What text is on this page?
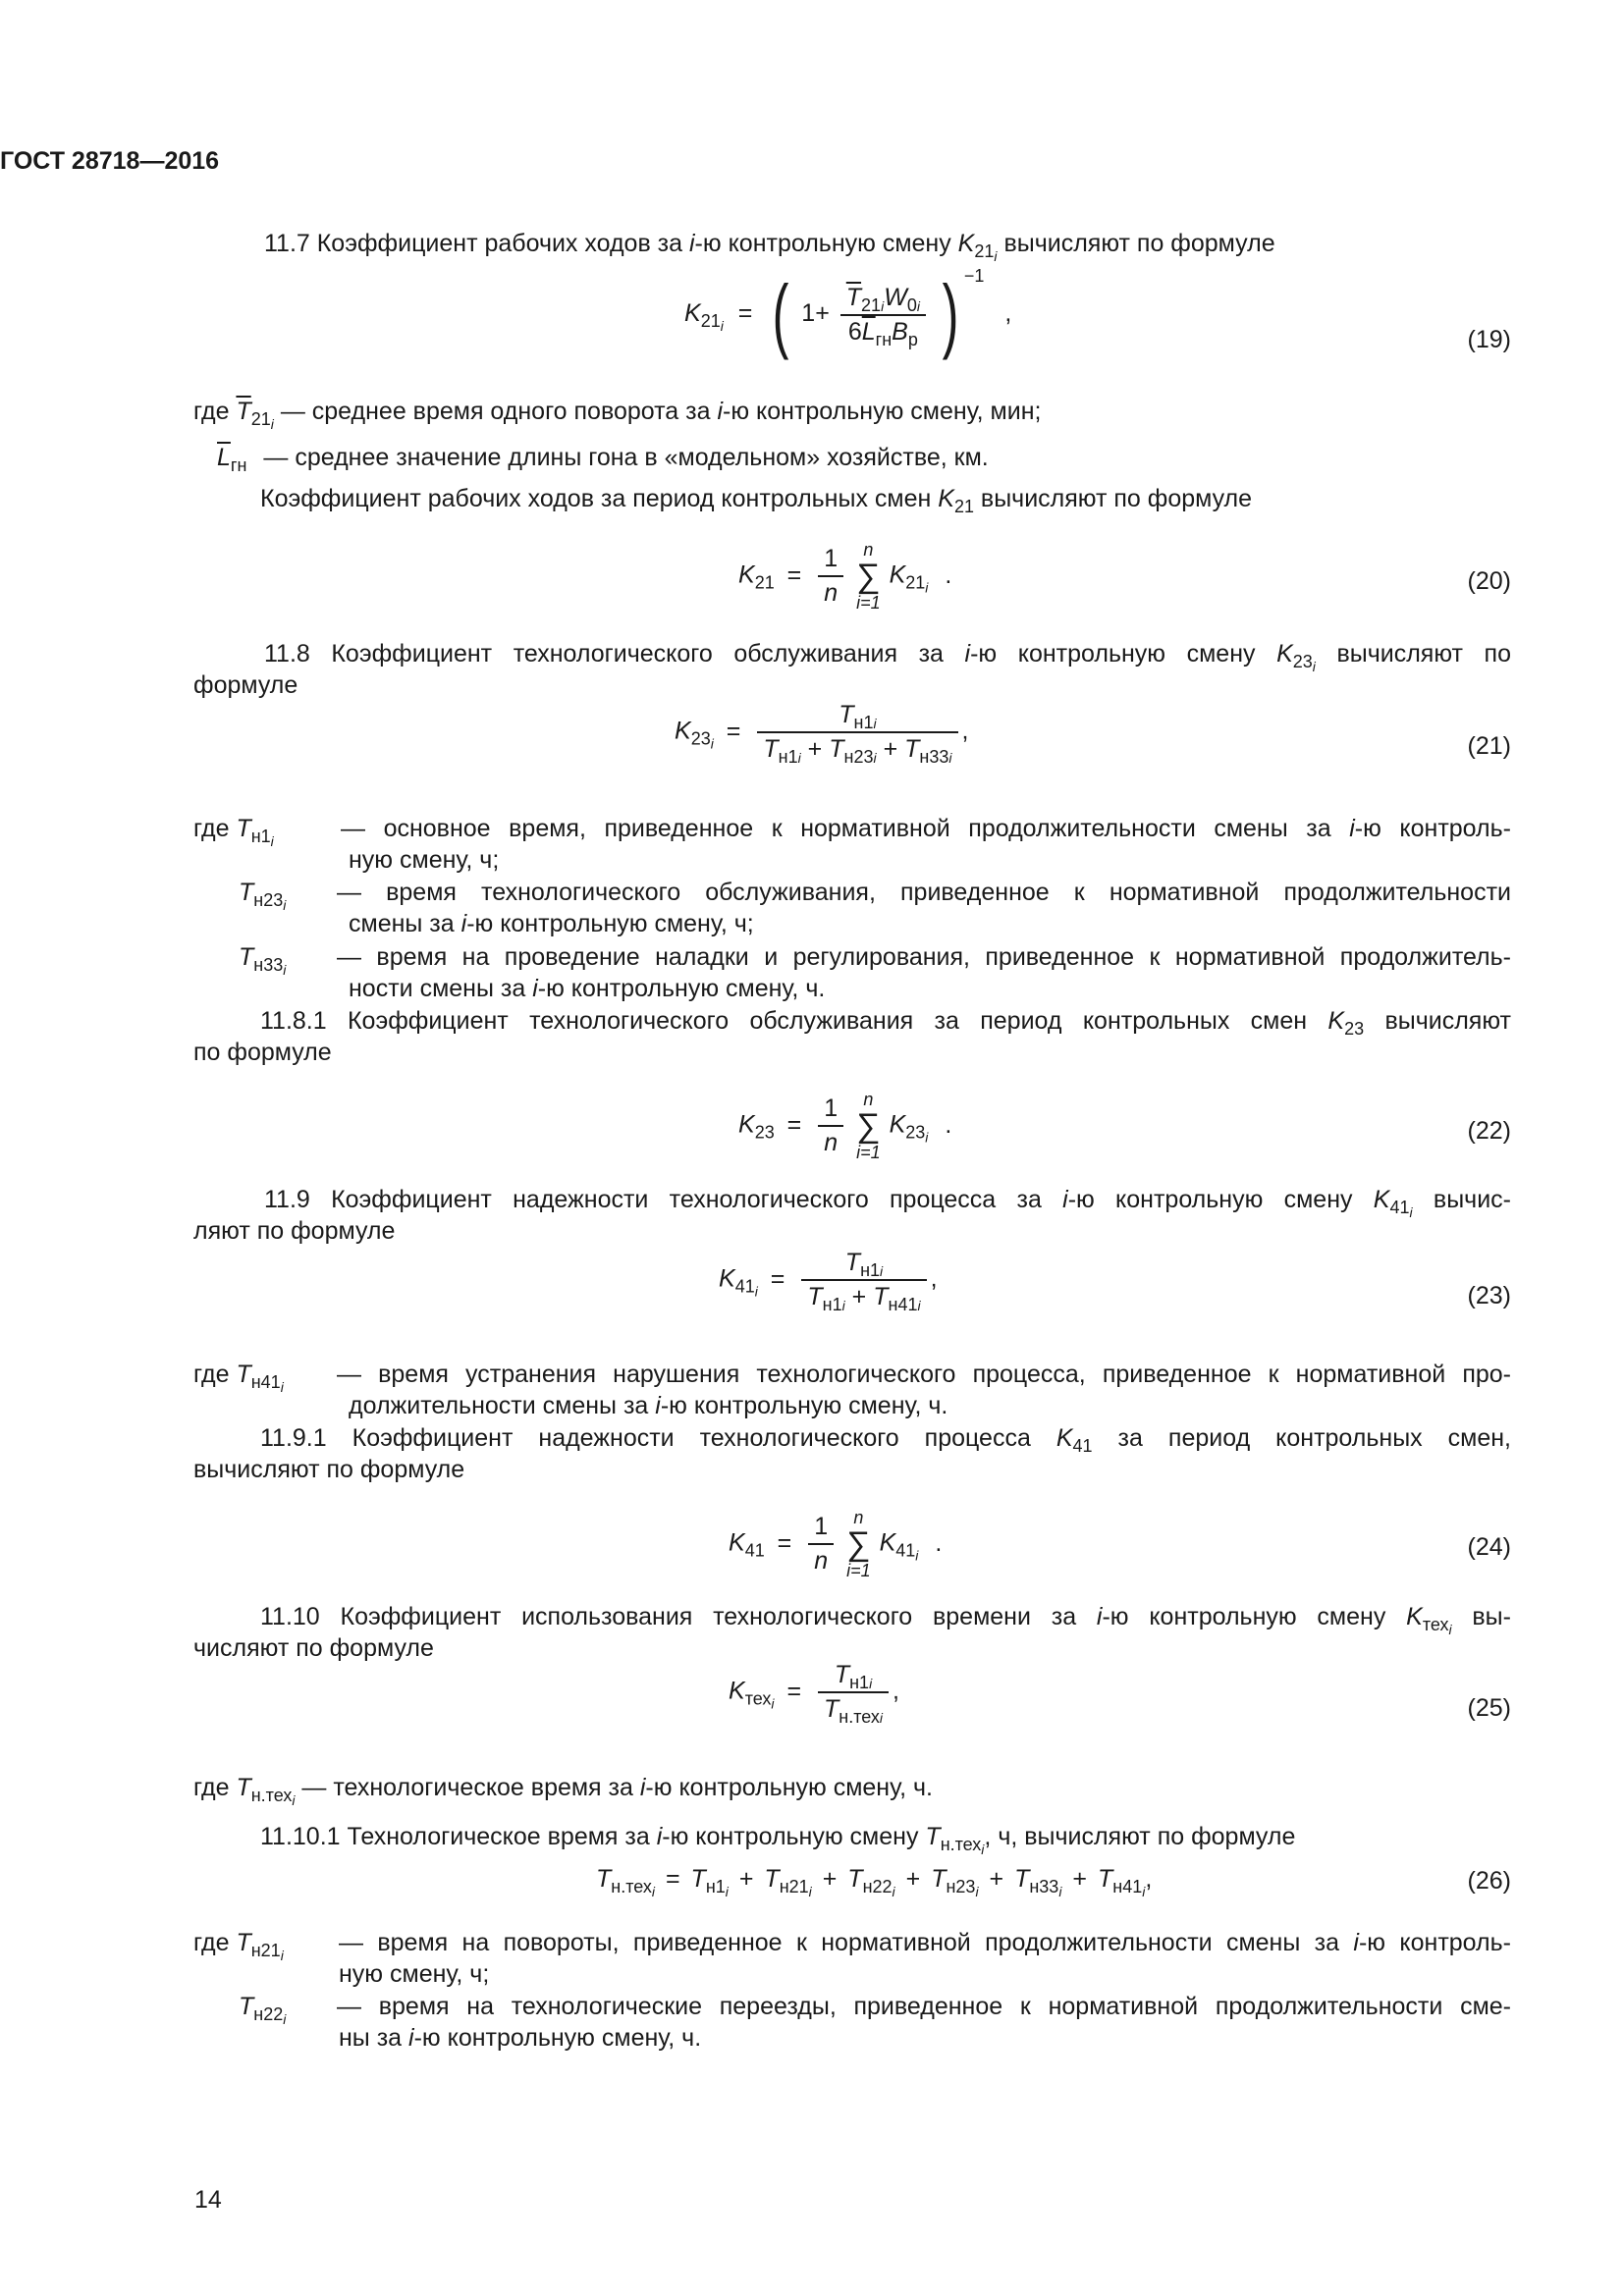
ГОСТ 28718—2016
11.7 Коэффициент рабочих ходов за i-ю контрольную смену $K_{21i}$ вычисляют по формуле
$K_{21i}$ = ( $1+ \frac{\overline{T}_{21i}W_{0i}}{6\overline{L}_{гн}B_р}$ ) $^{-1}$ ,
(19)
где $\overline{T}_{21i}$ — среднее время одного поворота за i-ю контрольную смену, мин;
$\overline{L}_{гн}$ — среднее значение длины гона в «модельном» хозяйстве, км.
Коэффициент рабочих ходов за период контрольных смен $K_{21}$ вычисляют по формуле
$K_{21} = \frac{1}{n}$
	n
∑
i=1
$K_{21i}$ .	(20)
11.8 Коэффициент технологического обслуживания за i-ю контрольную смену $K_{23i}$ вычисляют по
формуле
$K_{23i} = \frac{T_{н1i}}{T_{н1i} + T_{н23i} + T_{н33i}}$ ,
(21)
где $T_{н1i}$	— основное время, приведенное к нормативной продолжительности смены за i-ю контроль-
ную смену, ч;
$T_{н23i}$ — время технологического обслуживания, приведенное к нормативной продолжительности
смены за i-ю контрольную смену, ч;
$T_{н33i}$ — время на проведение наладки и регулирования, приведенное к нормативной продолжитель-
ности смены за i-ю контрольную смену, ч.
11.8.1 Коэффициент технологического обслуживания за период контрольных смен $K_{23}$ вычисляют
по формуле
$K_{23} = \frac{1}{n}$
	n
∑
i=1
$K_{23i}$ .	(22)
11.9 Коэффициент надежности технологического процесса за i-ю контрольную смену $K_{41i}$ вычис-
ляют по формуле
$K_{41i} = \frac{T_{н1i}}{T_{н1i} + T_{н41i}}$ ,
(23)
где $T_{н41i}$ — время устранения нарушения технологического процесса, приведенное к нормативной про-
должительности смены за i-ю контрольную смену, ч.
11.9.1 Коэффициент надежности технологического процесса $K_{41}$ за период контрольных смен,
вычисляют по формуле
$K_{41} = \frac{1}{n}$
	n
∑
i=1
$K_{41i}$ .	(24)
11.10 Коэффициент использования технологического времени за i-ю контрольную смену $K_{техi}$ вы-
числяют по формуле
$K_{техi} = \frac{T_{н1i}}{T_{н.техi}}$ ,
(25)
где $T_{н.техi}$ — технологическое время за i-ю контрольную смену, ч.
11.10.1 Технологическое время за i-ю контрольную смену $T_{н.техi}$, ч, вычисляют по формуле
$T_{н.техi} = T_{н1i} + T_{н21i} + T_{н22i} + T_{н23i} + T_{н33i} + T_{н41i}$,	(26)
где $T_{н21i}$ — время на повороты, приведенное к нормативной продолжительности смены за i-ю контроль-
ную смену, ч;
$T_{н22i}$ — время на технологические переезды, приведенное к нормативной продолжительности сме-
ны за i-ю контрольную смену, ч.
14
